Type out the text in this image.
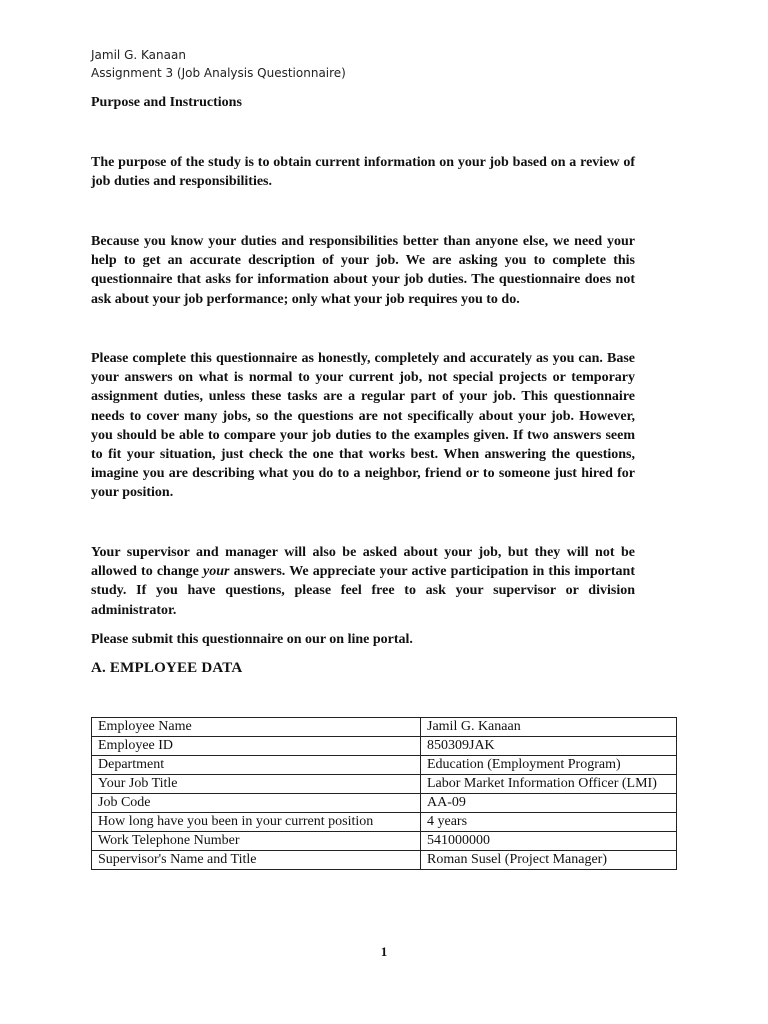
Jamil G. Kanaan
Assignment 3 (Job Analysis Questionnaire)
Purpose and Instructions

The purpose of the study is to obtain current information on your job based on a review of job duties and responsibilities.

Because you know your duties and responsibilities better than anyone else, we need your help to get an accurate description of your job. We are asking you to complete this questionnaire that asks for information about your job duties. The questionnaire does not ask about your job performance; only what your job requires you to do.

Please complete this questionnaire as honestly, completely and accurately as you can. Base your answers on what is normal to your current job, not special projects or temporary assignment duties, unless these tasks are a regular part of your job. This questionnaire needs to cover many jobs, so the questions are not specifically about your job. However, you should be able to compare your job duties to the examples given. If two answers seem to fit your situation, just check the one that works best. When answering the questions, imagine you are describing what you do to a neighbor, friend or to someone just hired for your position.

Your supervisor and manager will also be asked about your job, but they will not be allowed to change your answers. We appreciate your active participation in this important study. If you have questions, please feel free to ask your supervisor or division administrator.

Please submit this questionnaire on our on line portal.

A. EMPLOYEE DATA
Employee Name	Jamil G. Kanaan
Employee ID	850309JAK
Department	Education (Employment Program)
Your Job Title	Labor Market Information Officer (LMI)
Job Code	AA-09
How long have you been in your current position	4 years
Work Telephone Number	541000000
Supervisor's Name and Title	Roman Susel (Project Manager)
1
